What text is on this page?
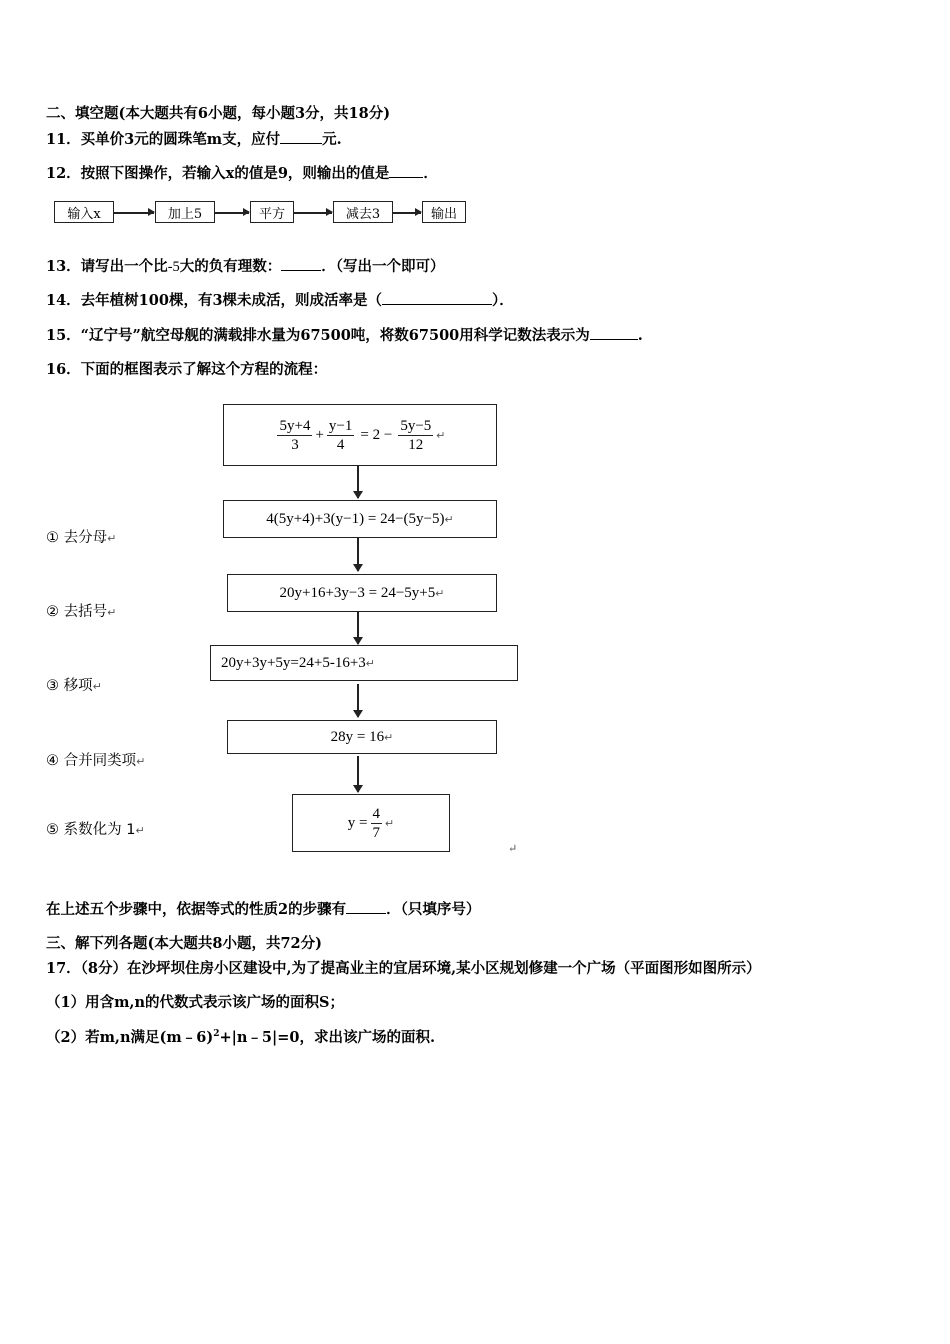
二、填空题(本大题共有6小题，每小题3分，共18分)
11．买单价3元的圆珠笔m支，应付	元.
12．按照下图操作，若输入x的值是9，则输出的值是 ．
输入x	加上5	平方	减去3	输出
13．请写出一个比-5大的负有理数：	．（写出一个即可）
14．去年植树100棵，有3棵未成活，则成活率是（	）．
15．“辽宁号”航空母舰的满载排水量为67500吨，将数67500用科学记数法表示为	.
16．下面的框图表示了解这个方程的流程：
$\frac{5y+4}{3} + \frac{y-1}{4} = 2 - \frac{5y-5}{12}$ ↵
4(5y+4)+3(y−1) = 24−(5y−5) ↵
20y+16+3y−3 = 24−5y+5 ↵
20y+3y+5y=24+5-16+3 ↵
28y = 16 ↵
$y = \frac{4}{7}$ ↵
↵
① 去分母↵
② 去括号↵
③ 移项↵
④ 合并同类项↵
⑤ 系数化为 1↵
在上述五个步骤中，依据等式的性质2的步骤有	．（只填序号）
三、解下列各题(本大题共8小题，共72分)
17．（8分）在沙坪坝住房小区建设中,为了提高业主的宜居环境,某小区规划修建一个广场（平面图形如图所示）
（1）用含m,n的代数式表示该广场的面积S；
（2）若m,n满足(m﹣6)$^2$+|n﹣5|=0，求出该广场的面积.
